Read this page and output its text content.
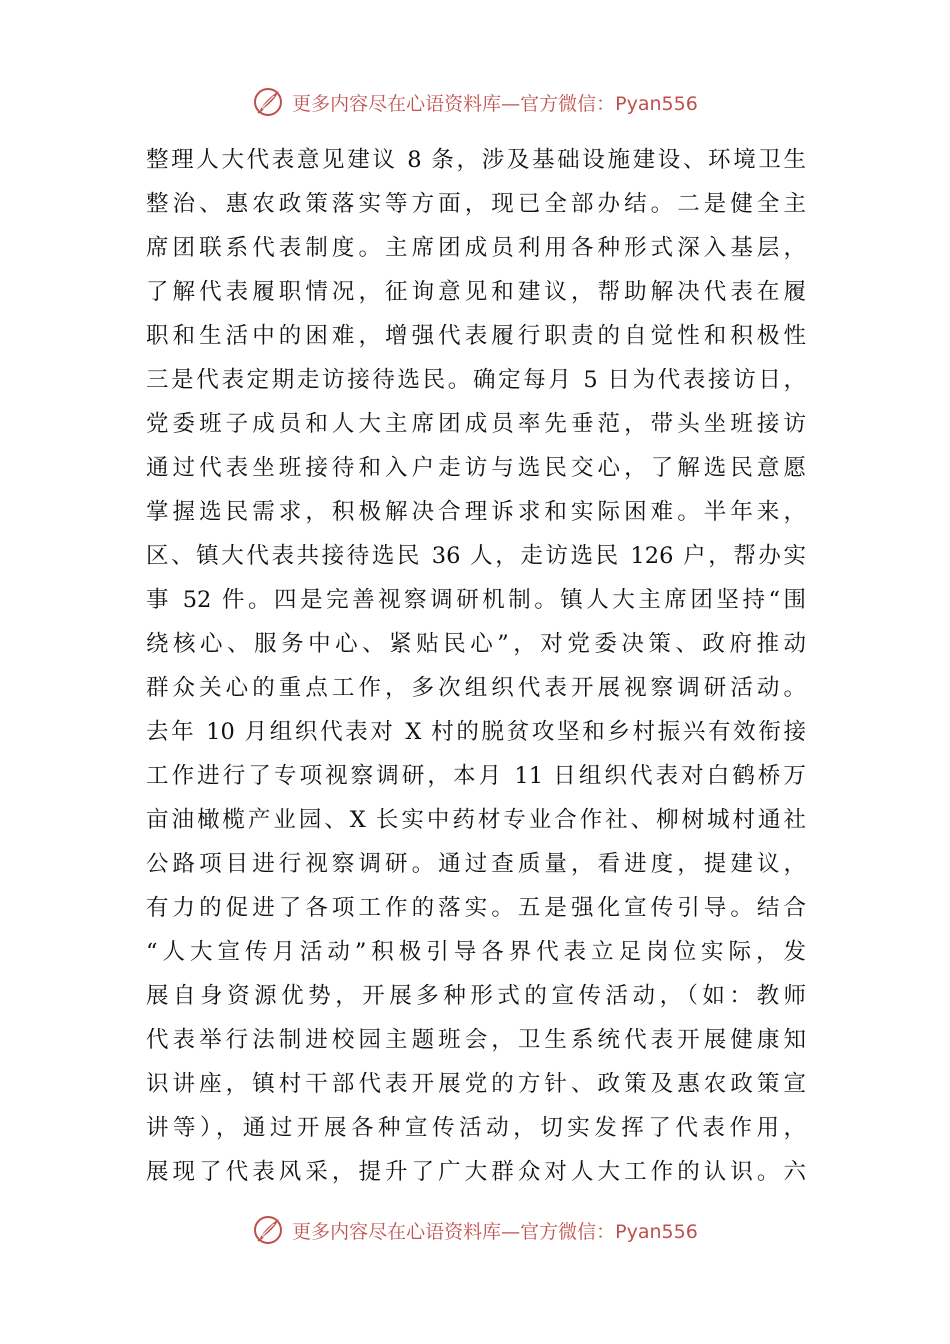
更多内容尽在心语资料库—官方微信：Pyan556
整理人大代表意见建议 8 条，涉及基础设施建设、环境卫生
整治、惠农政策落实等方面，现已全部办结。二是健全主
席团联系代表制度。主席团成员利用各种形式深入基层，
了解代表履职情况，征询意见和建议，帮助解决代表在履
职和生活中的困难，增强代表履行职责的自觉性和积极性
三是代表定期走访接待选民。确定每月 5 日为代表接访日，
党委班子成员和人大主席团成员率先垂范，带头坐班接访
通过代表坐班接待和入户走访与选民交心，了解选民意愿
掌握选民需求，积极解决合理诉求和实际困难。半年来，
区、镇大代表共接待选民 36 人，走访选民 126 户，帮办实
事 52 件。四是完善视察调研机制。镇人大主席团坚持“围
绕核心、服务中心、紧贴民心”，对党委决策、政府推动
群众关心的重点工作，多次组织代表开展视察调研活动。
去年 10 月组织代表对 X 村的脱贫攻坚和乡村振兴有效衔接
工作进行了专项视察调研，本月 11 日组织代表对白鹤桥万
亩油橄榄产业园、X 长实中药材专业合作社、柳树城村通社
公路项目进行视察调研。通过查质量，看进度，提建议，
有力的促进了各项工作的落实。五是强化宣传引导。结合
“人大宣传月活动”积极引导各界代表立足岗位实际，发
展自身资源优势，开展多种形式的宣传活动，（如：教师
代表举行法制进校园主题班会，卫生系统代表开展健康知
识讲座，镇村干部代表开展党的方针、政策及惠农政策宣
讲等），通过开展各种宣传活动，切实发挥了代表作用，
展现了代表风采，提升了广大群众对人大工作的认识。六
更多内容尽在心语资料库—官方微信：Pyan556
